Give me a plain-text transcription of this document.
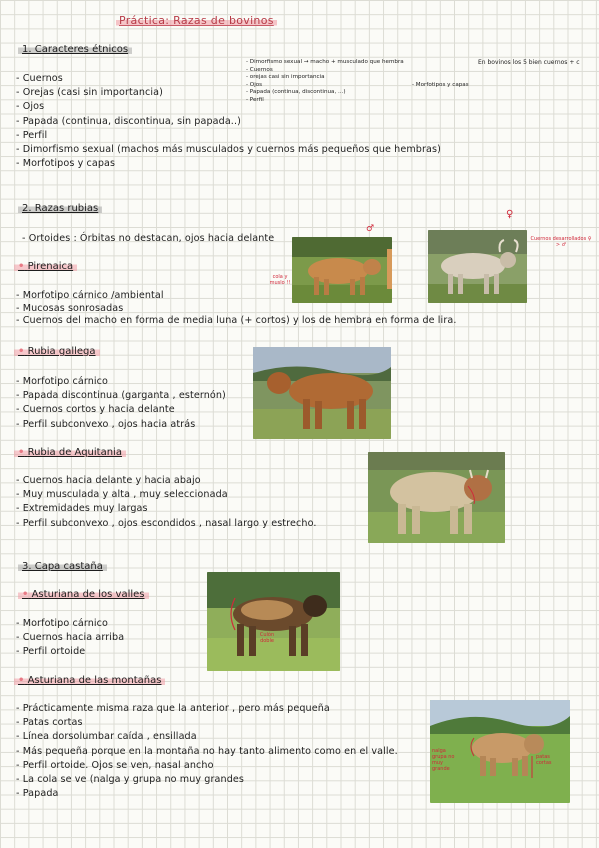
Práctica: Razas de bovinos
1. Caracteres étnicos
- Cuernos
- Orejas (casi sin importancia)
- Ojos
- Papada (continua, discontinua, sin papada..)
- Perfil
- Dimorfismo sexual (machos más musculados y cuernos más pequeños que hembras)
- Morfotipos y capas
- Dimorfismo sexual → macho + musculado que hembra
- Cuernos
- orejas casi sin importancia
- Ojos
- Papada (continua, discontinua, ...)
- Perfil
- Morfotipos y capas
En bovinos los 5 bien cuernos + c
2. Razas rubias
- Ortoides : Órbitas no destacan, ojos hacia delante
• Pirenaica
- Morfotipo cárnico /ambiental
- Mucosas sonrosadas
- Cuernos del macho en forma de media luna (+ cortos) y los de hembra en forma de lira.
cola y muslo !!
♂
♀
Cuernos desarrollados ♀ > ♂
• Rubia gallega
- Morfotipo cárnico
- Papada discontinua (garganta , esternón)
- Cuernos cortos y hacia delante
- Perfil subconvexo , ojos hacia atrás
• Rubia de Aquitania
- Cuernos hacia delante y hacia abajo
- Muy musculada y alta , muy seleccionada
- Extremidades muy largas
- Perfil subconvexo , ojos escondidos , nasal largo y estrecho.
3. Capa castaña
• Asturiana de los valles
- Morfotipo cárnico
- Cuernos hacia arriba
- Perfil ortoide
Culón doble
• Asturiana de las montañas
- Prácticamente misma raza que la anterior , pero más pequeña
- Patas cortas
- Línea dorsolumbar caída , ensillada
- Más pequeña porque en la montaña no hay tanto alimento como en el valle.
- Perfil ortoide. Ojos se ven, nasal ancho
- La cola se ve (nalga y grupa no muy grandes
- Papada
nalga grupa no muy grande
patas cortas
